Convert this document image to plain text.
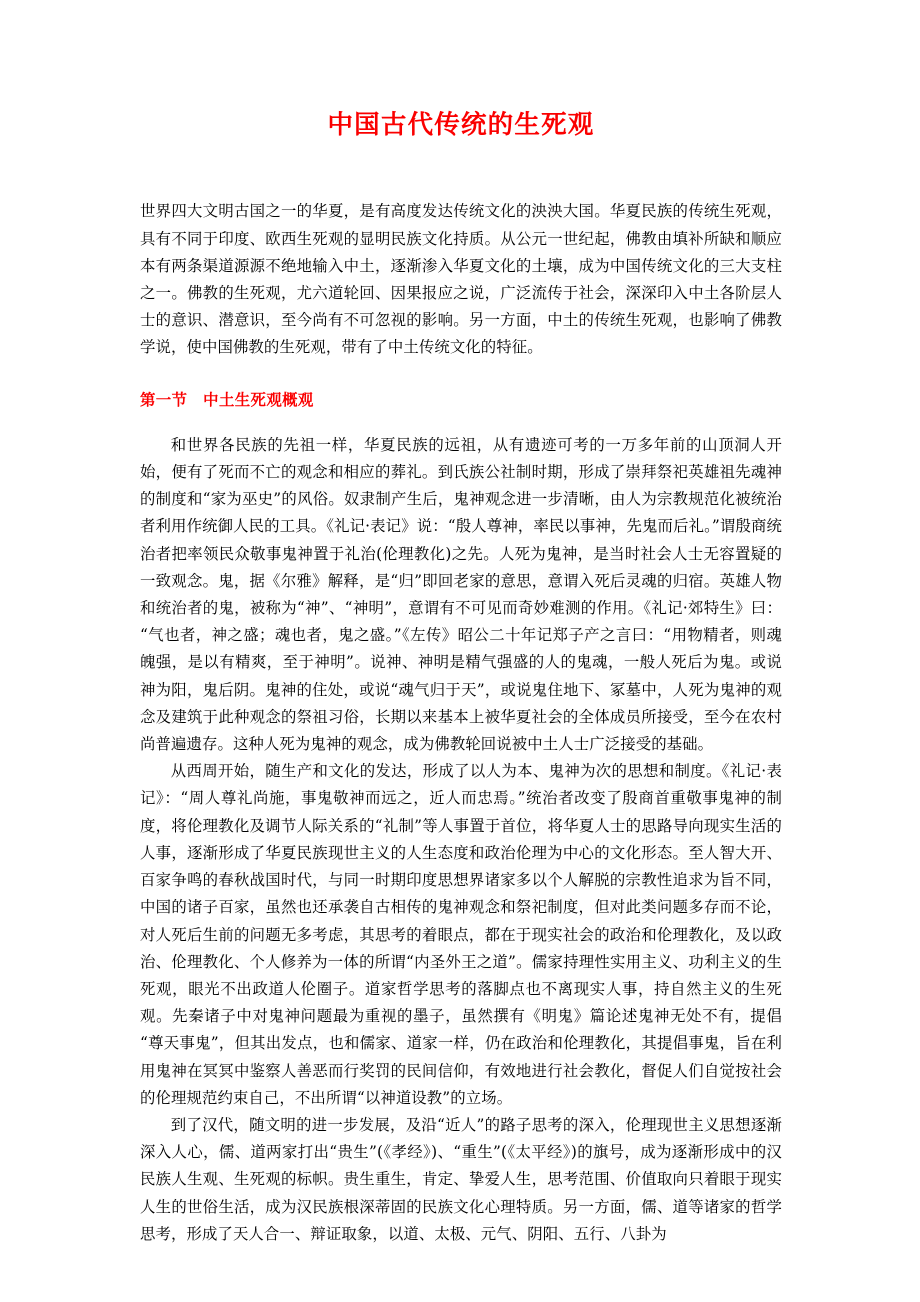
中国古代传统的生死观

世界四大文明古国之一的华夏，是有高度发达传统文化的泱泱大国。华夏民族的传统生死观，具有不同于印度、欧西生死观的显明民族文化持质。从公元一世纪起，佛教由填补所缺和顺应本有两条渠道源源不绝地输入中土，逐渐渗入华夏文化的土壤，成为中国传统文化的三大支柱之一。佛教的生死观，尤六道轮回、因果报应之说，广泛流传于社会，深深印入中土各阶层人士的意识、潜意识，至今尚有不可忽视的影响。另一方面，中土的传统生死观，也影响了佛教学说，使中国佛教的生死观，带有了中土传统文化的特征。

第一节　中土生死观概观

和世界各民族的先祖一样，华夏民族的远祖，从有遗迹可考的一万多年前的山顶洞人开始，便有了死而不亡的观念和相应的葬礼。到氏族公社制时期，形成了崇拜祭祀英雄祖先魂神的制度和“家为巫史”的风俗。奴隶制产生后，鬼神观念进一步清晰，由人为宗教规范化被统治者利用作统御人民的工具。《礼记·表记》说：“殷人尊神，率民以事神，先鬼而后礼。”谓殷商统治者把率领民众敬事鬼神置于礼治(伦理教化)之先。人死为鬼神，是当时社会人士无容置疑的一致观念。鬼，据《尔雅》解释，是“归”即回老家的意思，意谓入死后灵魂的归宿。英雄人物和统治者的鬼，被称为“神”、“神明”，意谓有不可见而奇妙难测的作用。《礼记·郊特生》曰：“气也者，神之盛；魂也者，鬼之盛。”《左传》昭公二十年记郑子产之言曰：“用物精者，则魂魄强，是以有精爽，至于神明”。说神、神明是精气强盛的人的鬼魂，一般人死后为鬼。或说神为阳，鬼后阴。鬼神的住处，或说“魂气归于天”，或说鬼住地下、冢墓中，人死为鬼神的观念及建筑于此种观念的祭祖习俗，长期以来基本上被华夏社会的全体成员所接受，至今在农村尚普遍遗存。这种人死为鬼神的观念，成为佛教轮回说被中土人士广泛接受的基础。

从西周开始，随生产和文化的发达，形成了以人为本、鬼神为次的思想和制度。《礼记·表记》：“周人尊礼尚施，事鬼敬神而远之，近人而忠焉。”统治者改变了殷商首重敬事鬼神的制度，将伦理教化及调节人际关系的“礼制”等人事置于首位，将华夏人士的思路导向现实生活的人事，逐渐形成了华夏民族现世主义的人生态度和政治伦理为中心的文化形态。至人智大开、百家争鸣的春秋战国时代，与同一时期印度思想界诸家多以个人解脱的宗教性追求为旨不同，中国的诸子百家，虽然也还承袭自古相传的鬼神观念和祭祀制度，但对此类问题多存而不论，对人死后生前的问题无多考虑，其思考的着眼点，都在于现实社会的政治和伦理教化，及以政治、伦理教化、个人修养为一体的所谓“内圣外王之道”。儒家持理性实用主义、功利主义的生死观，眼光不出政道人伦圈子。道家哲学思考的落脚点也不离现实人事，持自然主义的生死观。先秦诸子中对鬼神问题最为重视的墨子，虽然撰有《明鬼》篇论述鬼神无处不有，提倡“尊天事鬼”，但其出发点，也和儒家、道家一样，仍在政治和伦理教化，其提倡事鬼，旨在利用鬼神在冥冥中鉴察人善恶而行奖罚的民间信仰，有效地进行社会教化，督促人们自觉按社会的伦理规范约束自己，不出所谓“以神道设教”的立场。

到了汉代，随文明的进一步发展，及沿“近人”的路子思考的深入，伦理现世主义思想逐渐深入人心，儒、道两家打出“贵生”(《孝经》)、“重生”(《太平经》)的旗号，成为逐渐形成中的汉民族人生观、生死观的标帜。贵生重生，肯定、挚爱人生，思考范围、价值取向只着眼于现实人生的世俗生活，成为汉民族根深蒂固的民族文化心理特质。另一方面，儒、道等诸家的哲学思考，形成了天人合一、辩证取象，以道、太极、元气、阴阳、五行、八卦为
